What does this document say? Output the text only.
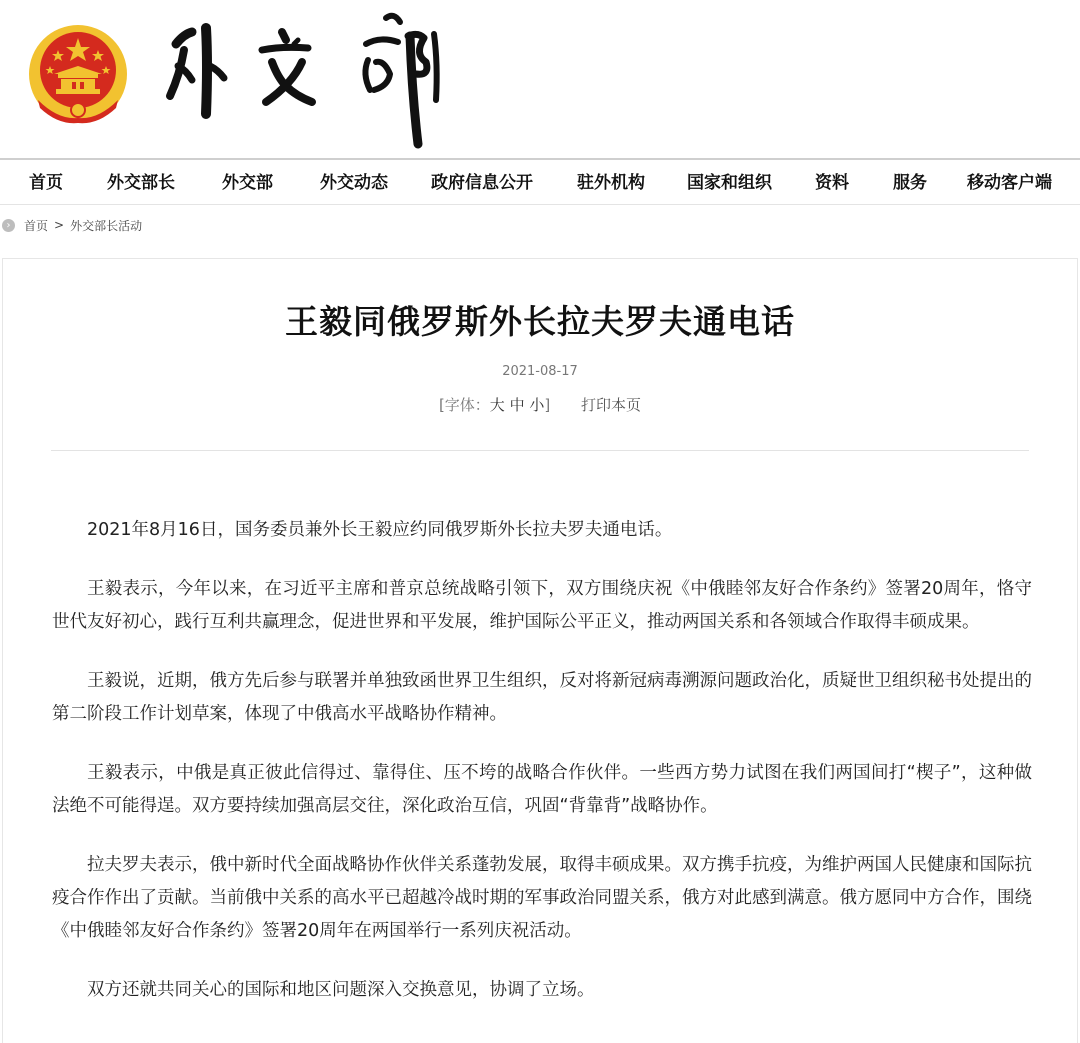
首页	外交部长	外交部	外交动态	政府信息公开	驻外机构 国家和组织	资料	服务 移动客户端
›	首页 > 外交部长活动
王毅同俄罗斯外长拉夫罗夫通电话
2021-08-17
[字体：大 中 小] 打印本页

2021年8月16日，国务委员兼外长王毅应约同俄罗斯外长拉夫罗夫通电话。

王毅表示，今年以来，在习近平主席和普京总统战略引领下，双方围绕庆祝《中俄睦邻友好合作条约》签署20周年，恪守世代友好初心，践行互利共赢理念，促进世界和平发展，维护国际公平正义，推动两国关系和各领域合作取得丰硕成果。

王毅说，近期，俄方先后参与联署并单独致函世界卫生组织，反对将新冠病毒溯源问题政治化，质疑世卫组织秘书处提出的第二阶段工作计划草案，体现了中俄高水平战略协作精神。

王毅表示，中俄是真正彼此信得过、靠得住、压不垮的战略合作伙伴。一些西方势力试图在我们两国间打“楔子”，这种做法绝不可能得逞。双方要持续加强高层交往，深化政治互信，巩固“背靠背”战略协作。

拉夫罗夫表示，俄中新时代全面战略协作伙伴关系蓬勃发展，取得丰硕成果。双方携手抗疫，为维护两国人民健康和国际抗疫合作作出了贡献。当前俄中关系的高水平已超越冷战时期的军事政治同盟关系，俄方对此感到满意。俄方愿同中方合作，围绕《中俄睦邻友好合作条约》签署20周年在两国举行一系列庆祝活动。

双方还就共同关心的国际和地区问题深入交换意见，协调了立场。
